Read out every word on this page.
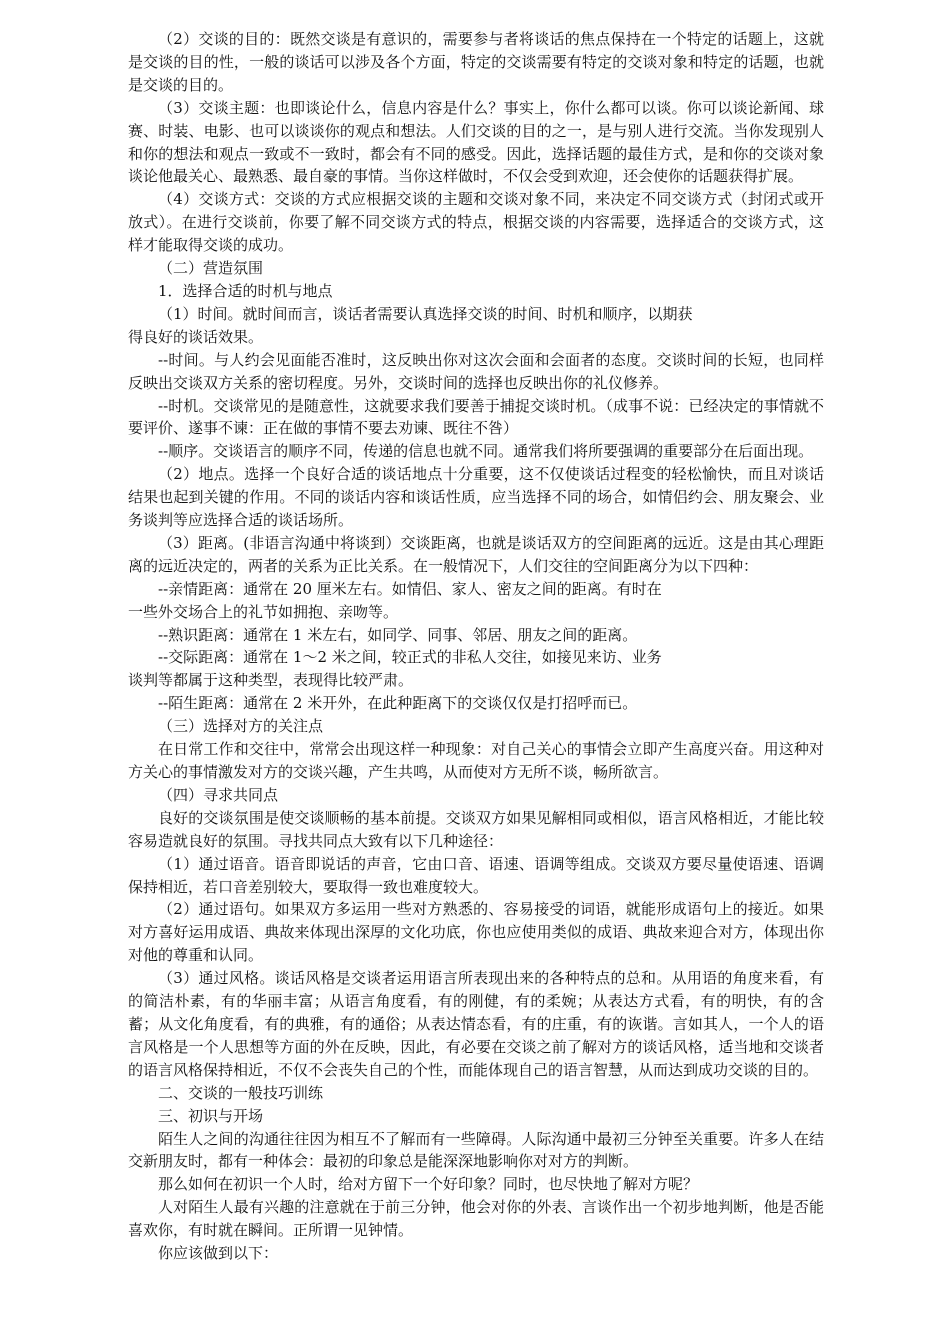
（2）交谈的目的：既然交谈是有意识的，需要参与者将谈话的焦点保持在一个特定的话题上，这就是交谈的目的性，一般的谈话可以涉及各个方面，特定的交谈需要有特定的交谈对象和特定的话题，也就是交谈的目的。

（3）交谈主题：也即谈论什么，信息内容是什么？事实上，你什么都可以谈。你可以谈论新闻、球赛、时装、电影、也可以谈谈你的观点和想法。人们交谈的目的之一，是与别人进行交流。当你发现别人和你的想法和观点一致或不一致时，都会有不同的感受。因此，选择话题的最佳方式，是和你的交谈对象谈论他最关心、最熟悉、最自豪的事情。当你这样做时，不仅会受到欢迎，还会使你的话题获得扩展。

（4）交谈方式：交谈的方式应根据交谈的主题和交谈对象不同，来决定不同交谈方式（封闭式或开放式）。在进行交谈前，你要了解不同交谈方式的特点，根据交谈的内容需要，选择适合的交谈方式，这样才能取得交谈的成功。

（二）营造氛围

1．选择合适的时机与地点

（1）时间。就时间而言，谈话者需要认真选择交谈的时间、时机和顺序，以期获

得良好的谈话效果。

--时间。与人约会见面能否准时，这反映出你对这次会面和会面者的态度。交谈时间的长短，也同样反映出交谈双方关系的密切程度。另外，交谈时间的选择也反映出你的礼仪修养。

--时机。交谈常见的是随意性，这就要求我们要善于捕捉交谈时机。（成事不说：已经决定的事情就不要评价、遂事不谏：正在做的事情不要去劝谏、既往不咎）

--顺序。交谈语言的顺序不同，传递的信息也就不同。通常我们将所要强调的重要部分在后面出现。

（2）地点。选择一个良好合适的谈话地点十分重要，这不仅使谈话过程变的轻松愉快，而且对谈话结果也起到关键的作用。不同的谈话内容和谈话性质，应当选择不同的场合，如情侣约会、朋友聚会、业务谈判等应选择合适的谈话场所。

（3）距离。(非语言沟通中将谈到）交谈距离，也就是谈话双方的空间距离的远近。这是由其心理距离的远近决定的，两者的关系为正比关系。在一般情况下，人们交往的空间距离分为以下四种：

--亲情距离：通常在 20 厘米左右。如情侣、家人、密友之间的距离。有时在

一些外交场合上的礼节如拥抱、亲吻等。

--熟识距离：通常在 1 米左右，如同学、同事、邻居、朋友之间的距离。

--交际距离：通常在 1～2 米之间，较正式的非私人交往，如接见来访、业务

谈判等都属于这种类型，表现得比较严肃。

--陌生距离：通常在 2 米开外，在此种距离下的交谈仅仅是打招呼而已。

（三）选择对方的关注点

在日常工作和交往中，常常会出现这样一种现象：对自己关心的事情会立即产生高度兴奋。用这种对方关心的事情激发对方的交谈兴趣，产生共鸣，从而使对方无所不谈，畅所欲言。

（四）寻求共同点

良好的交谈氛围是使交谈顺畅的基本前提。交谈双方如果见解相同或相似，语言风格相近，才能比较容易造就良好的氛围。寻找共同点大致有以下几种途径：

（1）通过语音。语音即说话的声音，它由口音、语速、语调等组成。交谈双方要尽量使语速、语调保持相近，若口音差别较大，要取得一致也难度较大。

（2）通过语句。如果双方多运用一些对方熟悉的、容易接受的词语，就能形成语句上的接近。如果对方喜好运用成语、典故来体现出深厚的文化功底，你也应使用类似的成语、典故来迎合对方，体现出你对他的尊重和认同。

（3）通过风格。谈话风格是交谈者运用语言所表现出来的各种特点的总和。从用语的角度来看，有的简洁朴素，有的华丽丰富；从语言角度看，有的刚健，有的柔婉；从表达方式看，有的明快，有的含蓄；从文化角度看，有的典雅，有的通俗；从表达情态看，有的庄重，有的诙谐。言如其人，一个人的语言风格是一个人思想等方面的外在反映，因此，有必要在交谈之前了解对方的谈话风格，适当地和交谈者的语言风格保持相近，不仅不会丧失自己的个性，而能体现自己的语言智慧，从而达到成功交谈的目的。

二、交谈的一般技巧训练

三、初识与开场

陌生人之间的沟通往往因为相互不了解而有一些障碍。人际沟通中最初三分钟至关重要。许多人在结交新朋友时，都有一种体会：最初的印象总是能深深地影响你对对方的判断。

那么如何在初识一个人时，给对方留下一个好印象？同时，也尽快地了解对方呢？

人对陌生人最有兴趣的注意就在于前三分钟，他会对你的外表、言谈作出一个初步地判断，他是否能喜欢你，有时就在瞬间。正所谓一见钟情。

你应该做到以下：
